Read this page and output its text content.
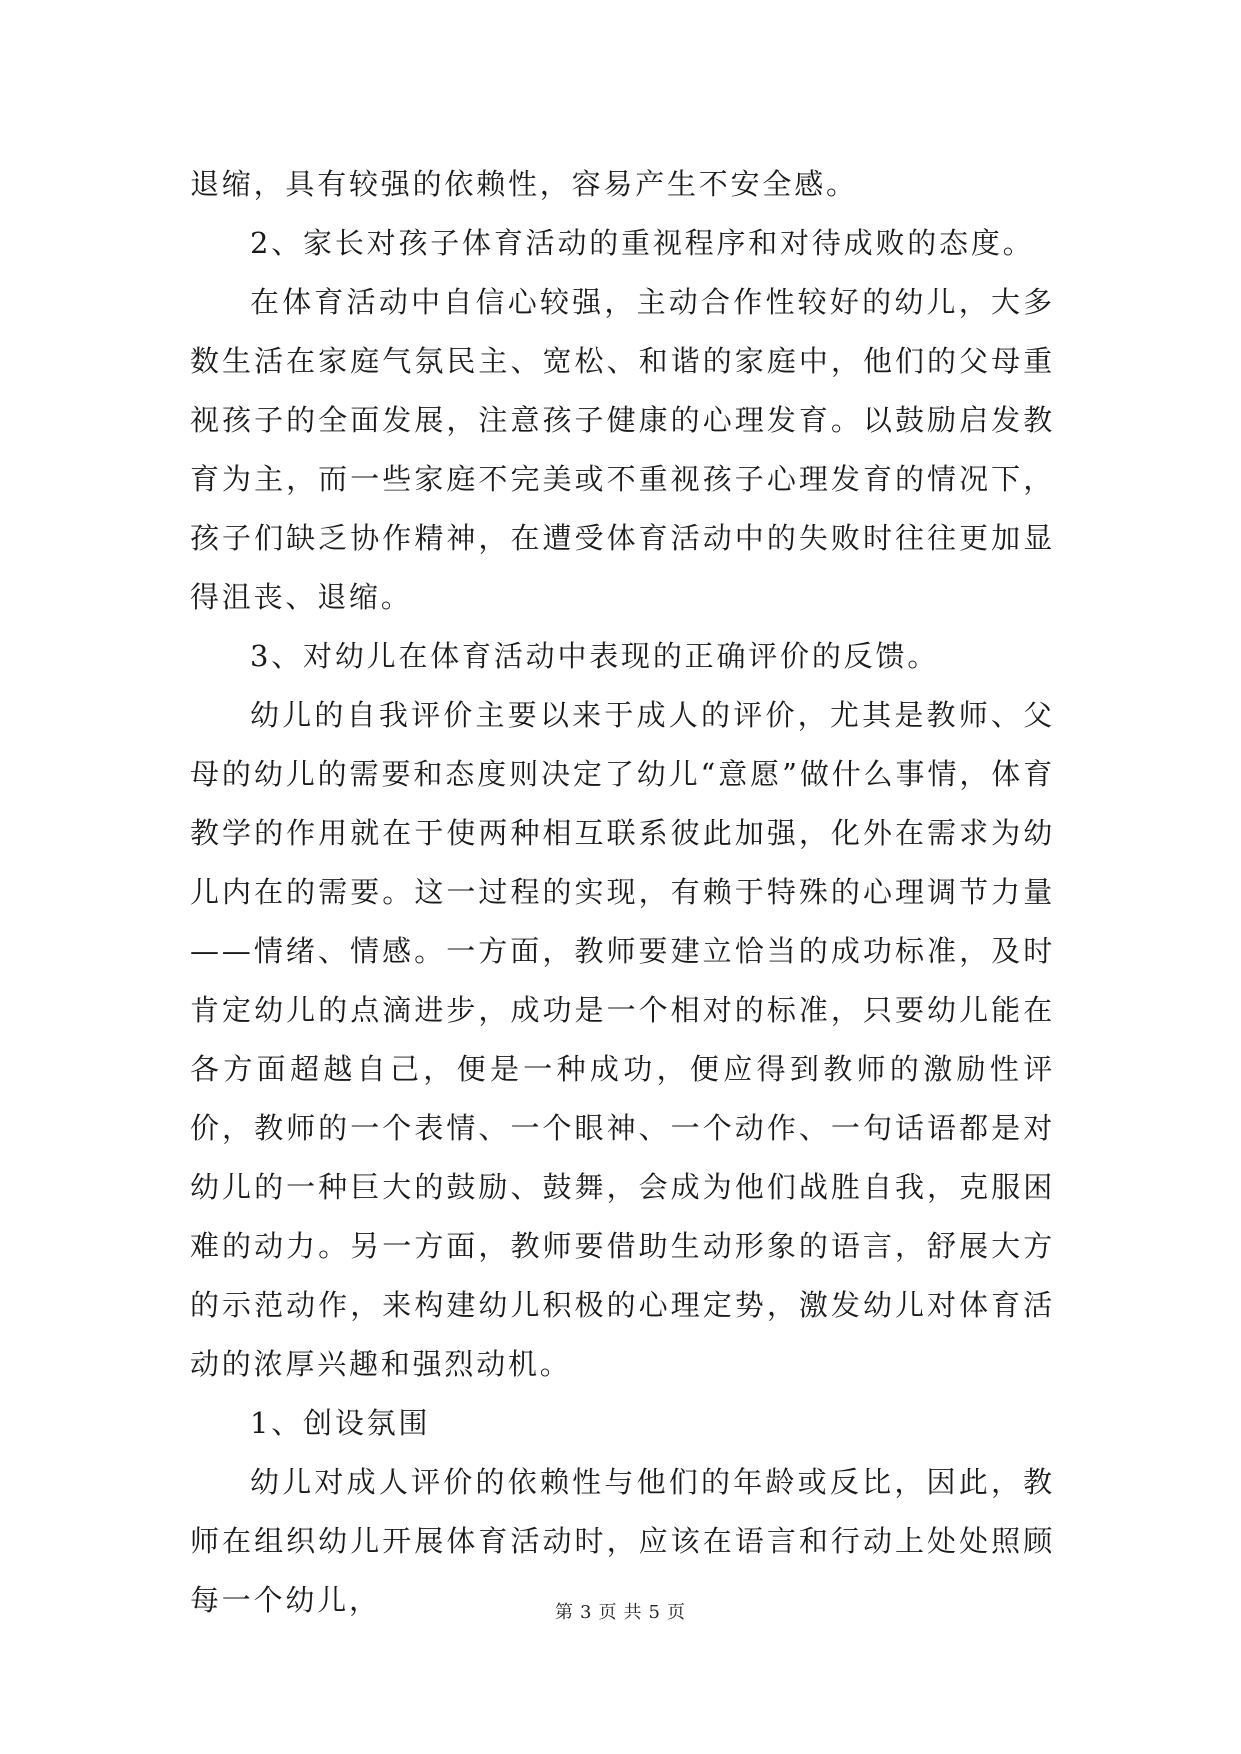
退缩，具有较强的依赖性，容易产生不安全感。

2、家长对孩子体育活动的重视程序和对待成败的态度。

在体育活动中自信心较强，主动合作性较好的幼儿，大多数生活在家庭气氛民主、宽松、和谐的家庭中，他们的父母重视孩子的全面发展，注意孩子健康的心理发育。以鼓励启发教育为主，而一些家庭不完美或不重视孩子心理发育的情况下，孩子们缺乏协作精神，在遭受体育活动中的失败时往往更加显得沮丧、退缩。

3、对幼儿在体育活动中表现的正确评价的反馈。

幼儿的自我评价主要以来于成人的评价，尤其是教师、父母的幼儿的需要和态度则决定了幼儿“意愿”做什么事情，体育教学的作用就在于使两种相互联系彼此加强，化外在需求为幼儿内在的需要。这一过程的实现，有赖于特殊的心理调节力量——情绪、情感。一方面，教师要建立恰当的成功标准，及时肯定幼儿的点滴进步，成功是一个相对的标准，只要幼儿能在各方面超越自己，便是一种成功，便应得到教师的激励性评价，教师的一个表情、一个眼神、一个动作、一句话语都是对幼儿的一种巨大的鼓励、鼓舞，会成为他们战胜自我，克服困难的动力。另一方面，教师要借助生动形象的语言，舒展大方的示范动作，来构建幼儿积极的心理定势，激发幼儿对体育活动的浓厚兴趣和强烈动机。

1、创设氛围

幼儿对成人评价的依赖性与他们的年龄或反比，因此，教师在组织幼儿开展体育活动时，应该在语言和行动上处处照顾每一个幼儿，	第 3 页 共 5 页
